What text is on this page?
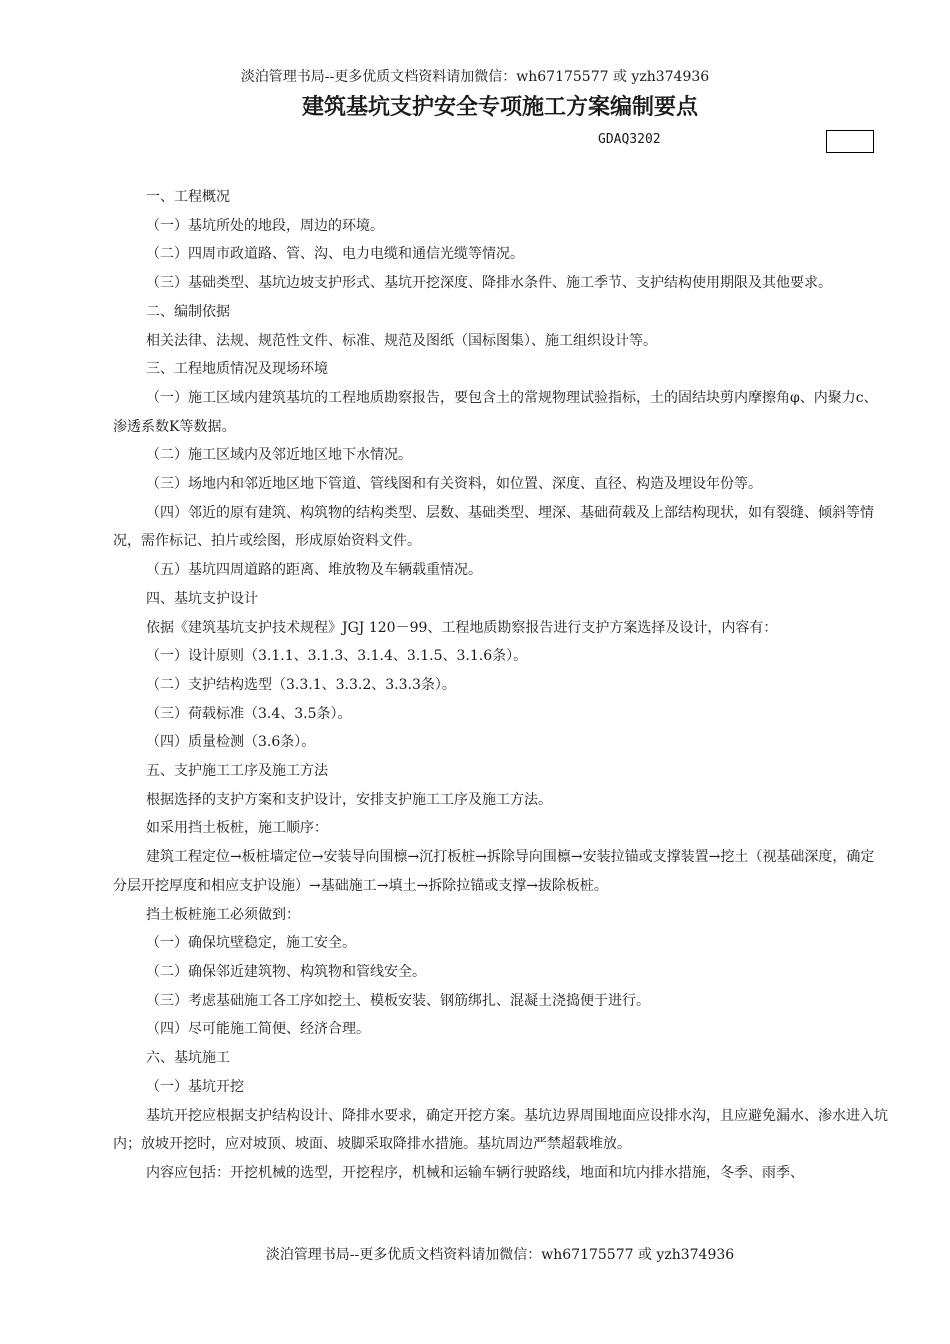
淡泊管理书局--更多优质文档资料请加微信：wh67175577 或 yzh374936
建筑基坑支护安全专项施工方案编制要点
GDAQ3202

一、工程概况

（一）基坑所处的地段，周边的环境。

（二）四周市政道路、管、沟、电力电缆和通信光缆等情况。

（三）基础类型、基坑边坡支护形式、基坑开挖深度、降排水条件、施工季节、支护结构使用期限及其他要求。

二、编制依据

相关法律、法规、规范性文件、标准、规范及图纸（国标图集）、施工组织设计等。

三、工程地质情况及现场环境

（一）施工区域内建筑基坑的工程地质勘察报告，要包含土的常规物理试验指标，土的固结块剪内摩擦角φ、内聚力c、渗透系数K等数据。

（二）施工区域内及邻近地区地下水情况。

（三）场地内和邻近地区地下管道、管线图和有关资料，如位置、深度、直径、构造及埋设年份等。

（四）邻近的原有建筑、构筑物的结构类型、层数、基础类型、埋深、基础荷载及上部结构现状，如有裂缝、倾斜等情况，需作标记、拍片或绘图，形成原始资料文件。

（五）基坑四周道路的距离、堆放物及车辆载重情况。

四、基坑支护设计

依据《建筑基坑支护技术规程》JGJ 120－99、工程地质勘察报告进行支护方案选择及设计，内容有：

（一）设计原则（3.1.1、3.1.3、3.1.4、3.1.5、3.1.6条）。

（二）支护结构选型（3.3.1、3.3.2、3.3.3条）。

（三）荷载标准（3.4、3.5条）。

（四）质量检测（3.6条）。

五、支护施工工序及施工方法

根据选择的支护方案和支护设计，安排支护施工工序及施工方法。

如采用挡土板桩，施工顺序：

建筑工程定位→板桩墙定位→安装导向围檩→沉打板桩→拆除导向围檩→安装拉锚或支撑装置→挖土（视基础深度，确定分层开挖厚度和相应支护设施）→基础施工→填土→拆除拉锚或支撑→拔除板桩。

挡土板桩施工必须做到：

（一）确保坑壁稳定，施工安全。

（二）确保邻近建筑物、构筑物和管线安全。

（三）考虑基础施工各工序如挖土、模板安装、钢筋绑扎、混凝土浇捣便于进行。

（四）尽可能施工简便、经济合理。

六、基坑施工

（一）基坑开挖

基坑开挖应根据支护结构设计、降排水要求，确定开挖方案。基坑边界周围地面应设排水沟，且应避免漏水、渗水进入坑内；放坡开挖时，应对坡顶、坡面、坡脚采取降排水措施。基坑周边严禁超载堆放。

内容应包括：开挖机械的选型，开挖程序，机械和运输车辆行驶路线，地面和坑内排水措施，冬季、雨季、

淡泊管理书局--更多优质文档资料请加微信：wh67175577 或 yzh374936
